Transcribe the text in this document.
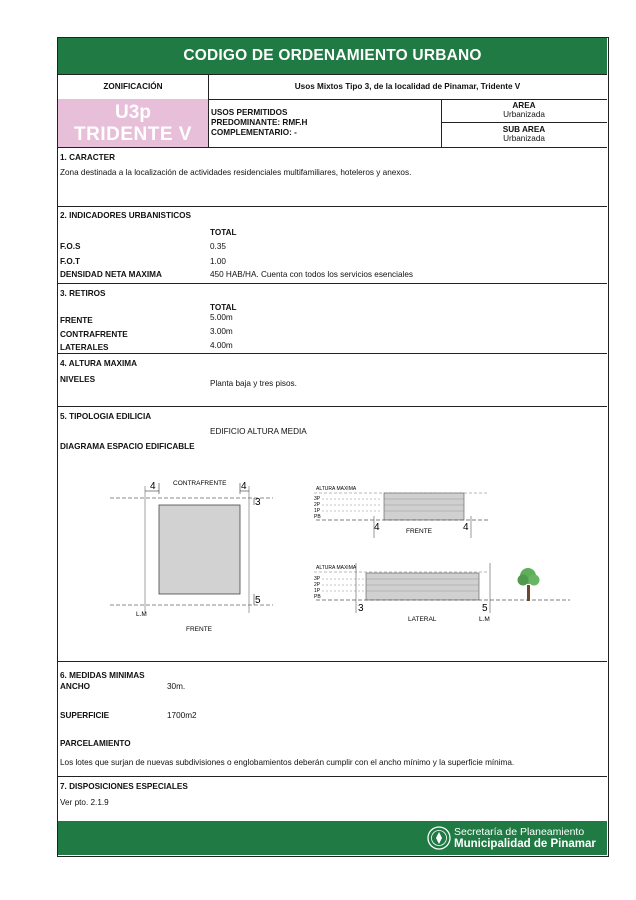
CODIGO DE ORDENAMIENTO URBANO
ZONIFICACIÓN	Usos Mixtos Tipo 3, de la localidad de Pinamar, Tridente V
U3p
TRIDENTE V
USOS PERMITIDOS
PREDOMINANTE: RMF.H
COMPLEMENTARIO: -
AREA
Urbanizada
SUB AREA
Urbanizada
1. CARACTER
Zona destinada a la localización de actividades residenciales multifamiliares, hoteleros y anexos.
2. INDICADORES URBANISTICOS
TOTAL
F.O.S	0.35
F.O.T	1.00
DENSIDAD NETA MAXIMA	450 HAB/HA. Cuenta con todos los servicios esenciales
3. RETIROS
TOTAL
FRENTE	5.00m
CONTRAFRENTE	3.00m
LATERALES	4.00m
4. ALTURA MAXIMA
NIVELES	Planta baja y tres pisos.
5. TIPOLOGIA EDILICIA
EDIFICIO ALTURA MEDIA
DIAGRAMA ESPACIO EDIFICABLE
4	4
CONTRAFRENTE
3
5
L.M
FRENTE
ALTURA MAXIMA
3P
2P
1P
PB
4	4
FRENTE
ALTURA MAXIMA
3P
2P
1P
PB
3	5
LATERAL	L.M
6. MEDIDAS MINIMAS
ANCHO	30m.
SUPERFICIE	1700m2
PARCELAMIENTO
Los lotes que surjan de nuevas subdivisiones o englobamientos deberán cumplir con el ancho mínimo y la superficie mínima.
7. DISPOSICIONES ESPECIALES
Ver pto. 2.1.9
Secretaría de Planeamiento
Municipalidad de Pinamar
